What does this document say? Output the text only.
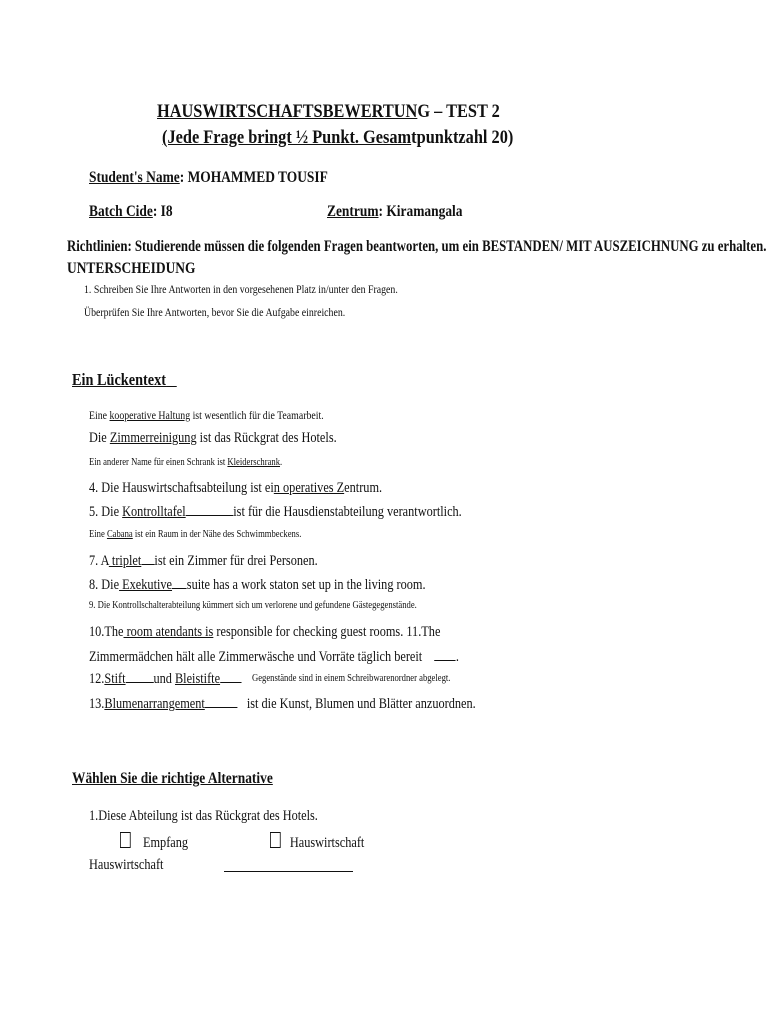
HAUSWIRTSCHAFTSBEWERTUNG – TEST 2
(Jede Frage bringt ½ Punkt. Gesamtpunktzahl 20)
Student's Name: MOHAMMED TOUSIF
Batch Cide: I8	Zentrum: Kiramangala
Richtlinien: Studierende müssen die folgenden Fragen beantworten, um ein BESTANDEN/ MIT AUSZEICHNUNG zu erhalten.
UNTERSCHEIDUNG
1. Schreiben Sie Ihre Antworten in den vorgesehenen Platz in/unter den Fragen.
Überprüfen Sie Ihre Antworten, bevor Sie die Aufgabe einreichen.
Ein Lückentext
Eine kooperative Haltung ist wesentlich für die Teamarbeit.
Die Zimmerreinigung ist das Rückgrat des Hotels.
Ein anderer Name für einen Schrank ist Kleiderschrank.
4. Die Hauswirtschaftsabteilung ist ein operatives Zentrum.
5. Die Kontrolltafel	ist für die Hausdienstabteilung verantwortlich.
Eine Cabana ist ein Raum in der Nähe des Schwimmbeckens.
7. A triplet ist ein Zimmer für drei Personen.
8. Die Exekutive suite has a work staton set up in the living room.
9. Die Kontrollschalterabteilung kümmert sich um verlorene und gefundene Gästegegenstände.
10.The room atendants is responsible for checking guest rooms. 11.The
Zimmermädchen hält alle Zimmerwäsche und Vorräte täglich bereit .
12.Stift und Bleistifte	Gegenstände sind in einem Schreibwarenordner abgelegt.
13.Blumenarrangement	ist die Kunst, Blumen und Blätter anzuordnen.
Wählen Sie die richtige Alternative
1.Diese Abteilung ist das Rückgrat des Hotels.
Empfang	Hauswirtschaft
Hauswirtschaft
